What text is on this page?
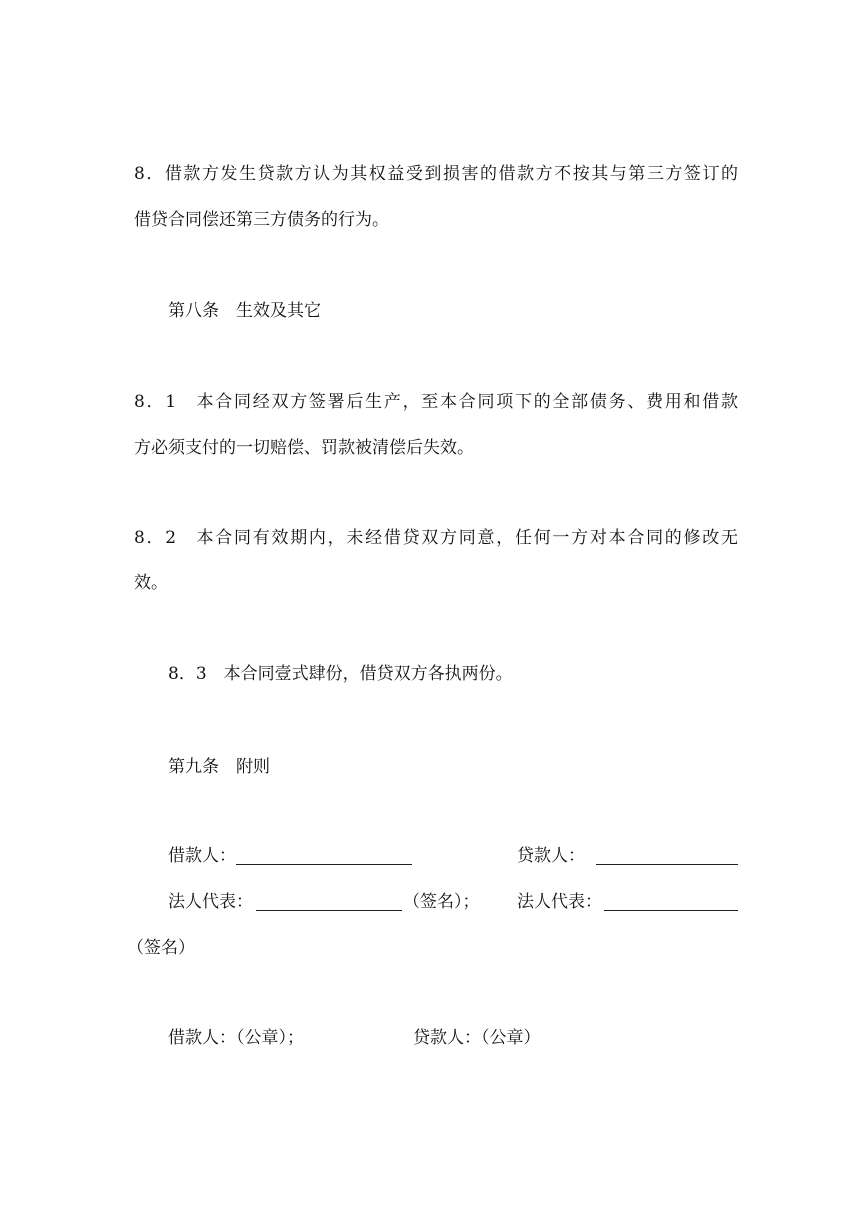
8．借款方发生贷款方认为其权益受到损害的借款方不按其与第三方签订的
借贷合同偿还第三方债务的行为。
第八条　生效及其它
8．1　本合同经双方签署后生产，至本合同项下的全部债务、费用和借款
方必须支付的一切赔偿、罚款被清偿后失效。
8．2　本合同有效期内，未经借贷双方同意，任何一方对本合同的修改无
效。
8．3　本合同壹式肆份，借贷双方各执两份。
第九条　附则
借款人：	贷款人：
法人代表：	（签名）； 法人代表：
（签名）
借款人：（公章）；	贷款人：（公章）
